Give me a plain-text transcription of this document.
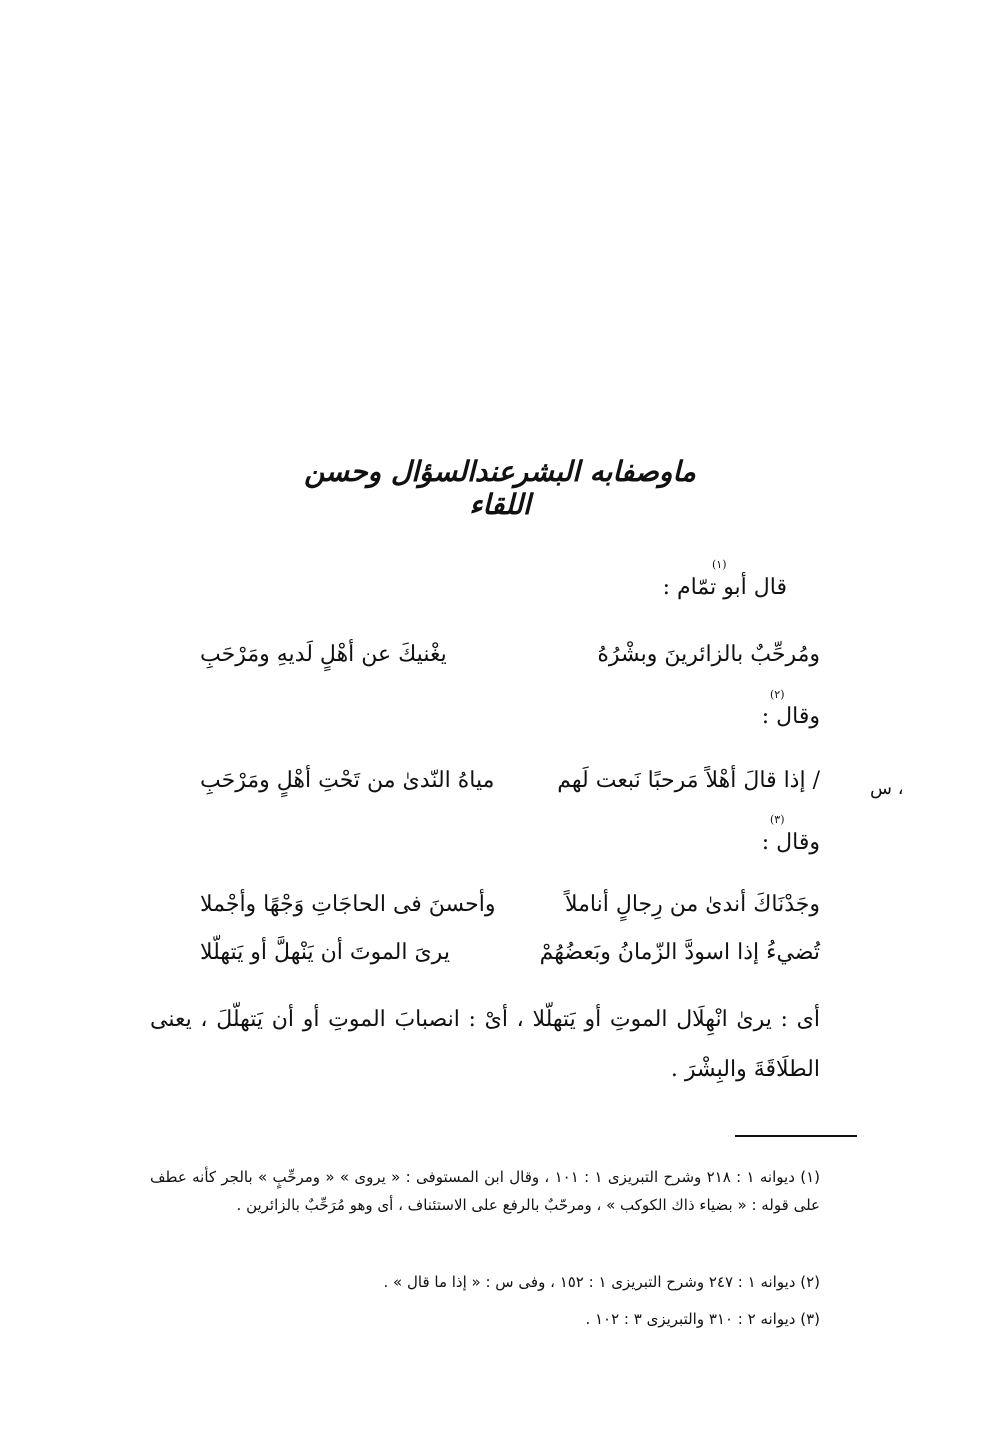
ماوصفابه البشرعندالسؤال وحسن اللقاء
(١)
قال أبو تمّام :
ومُرحِّبٌ بالزائرينَ وبشْرُهُ
يغْنيكَ عن أهْلٍ لَديهِ ومَرْحَبِ
(٢)
وقال :
/ إذا قالَ أهْلاً مَرحبًا نَبعت لَهم
مياهُ النّدىٰ من تَحْتِ أهْلٍ ومَرْحَبِ	، س
(٣)
وقال :
وجَدْنَاكَ أندىٰ من رِجالٍ أناملاً
وأحسنَ فى الحاجَاتِ وَجْهًا وأجْملا
تُضيءُ إذا اسودَّ الزّمانُ وبَعضُهُمْ
يرىَ الموتَ أن يَنْهلَّ أو يَتهلّلا
أى : يرىٰ انْهِلَال الموتِ أو يَتهلّلا ، أىْ : انصبابَ الموتِ أو أن يَتهلّلَ ، يعنى الطلَاقَةَ والبِشْرَ .
(١) ديوانه ١ : ٢١٨ وشرح التبريزى ١ : ١٠١ ، وقال ابن المستوفى : « يروى » « ومرحِّبٍ » بالجر كأنه عطف على قوله : « بضياء ذاك الكوكب » ، ومرحّبٌ بالرفع على الاستئناف ، أى وهو مُرَحِّبٌ بالزائرين .
(٢) ديوانه ١ : ٢٤٧ وشرح التبريزى ١ : ١٥٢ ، وفى س : « إذا ما قال » .
(٣) ديوانه ٢ : ٣١٠ والتبريزى ٣ : ١٠٢ .
